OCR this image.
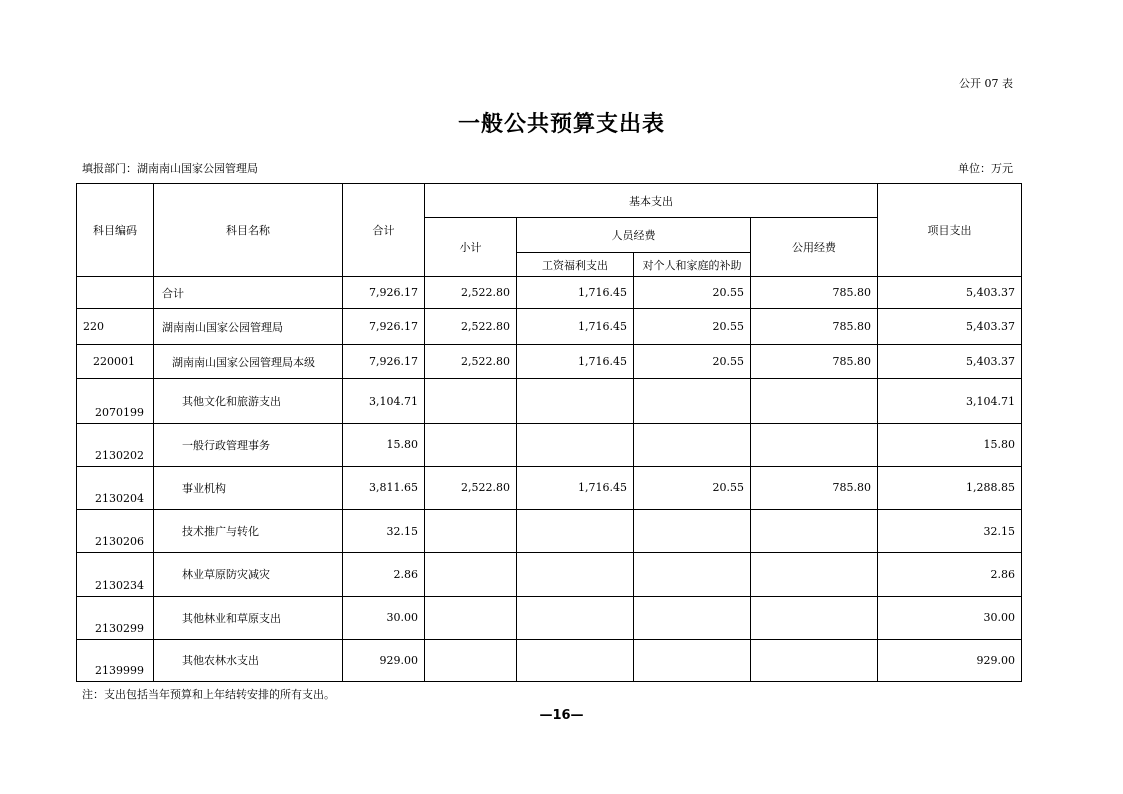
公开 07 表
一般公共预算支出表
填报部门：湖南南山国家公园管理局	单位：万元
科目编码	科目名称	合计	基本支出				项目支出
			小计	人员经费		公用经费	
				工资福利支出	对个人和家庭的补助		
	合计	7,926.17	2,522.80	1,716.45	20.55	785.80	5,403.37
220	湖南南山国家公园管理局	7,926.17	2,522.80	1,716.45	20.55	785.80	5,403.37
220001	湖南南山国家公园管理局本级	7,926.17	2,522.80	1,716.45	20.55	785.80	5,403.37
2070199	其他文化和旅游支出	3,104.71					3,104.71
2130202	一般行政管理事务	15.80					15.80
2130204	事业机构	3,811.65	2,522.80	1,716.45	20.55	785.80	1,288.85
2130206	技术推广与转化	32.15					32.15
2130234	林业草原防灾减灾	2.86					2.86
2130299	其他林业和草原支出	30.00					30.00
2139999	其他农林水支出	929.00					929.00
注：支出包括当年预算和上年结转安排的所有支出。
—16—
